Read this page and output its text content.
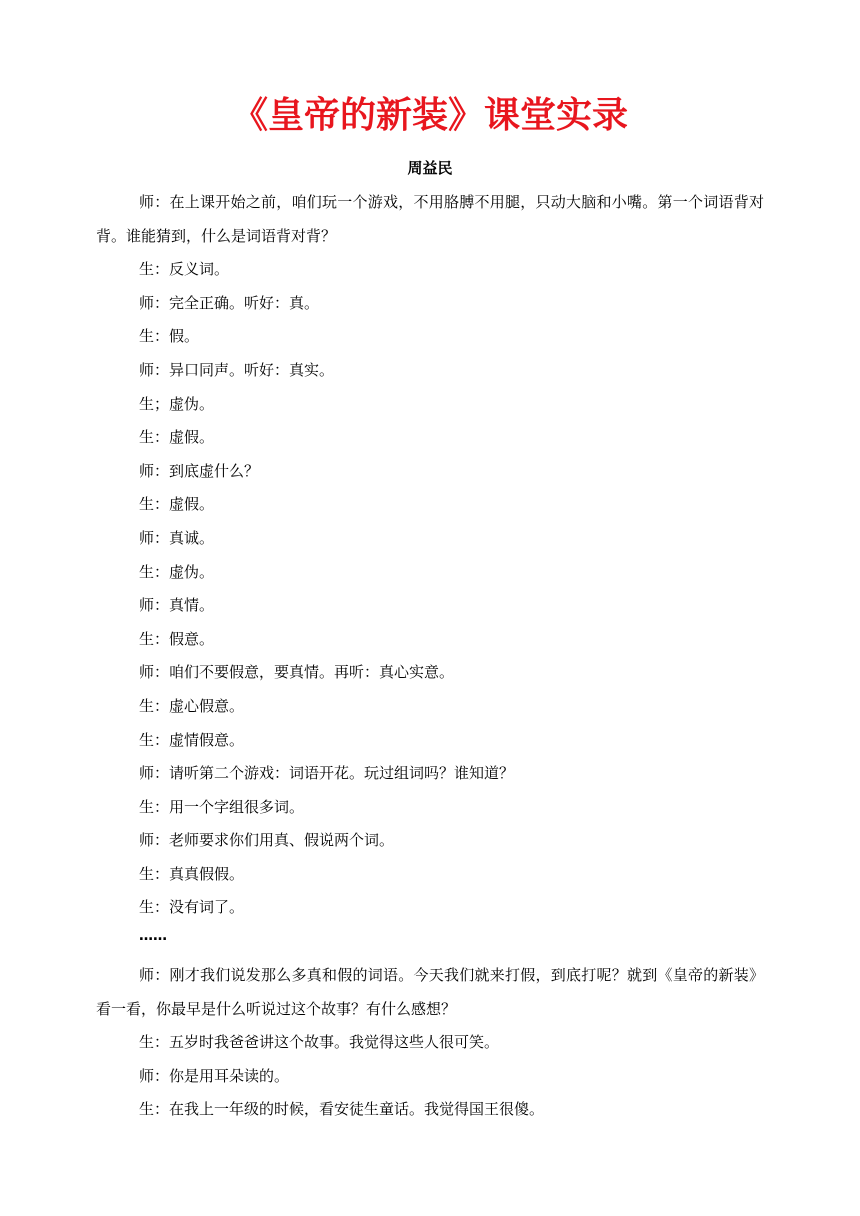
《皇帝的新装》课堂实录
周益民

师：在上课开始之前，咱们玩一个游戏，不用胳膊不用腿，只动大脑和小嘴。第一个词语背对背。谁能猜到，什么是词语背对背？

生：反义词。

师：完全正确。听好：真。

生：假。

师：异口同声。听好：真实。

生；虚伪。

生：虚假。

师：到底虚什么？

生：虚假。

师：真诚。

生：虚伪。

师：真情。

生：假意。

师：咱们不要假意，要真情。再听：真心实意。

生：虚心假意。

生：虚情假意。

师：请听第二个游戏：词语开花。玩过组词吗？谁知道？

生：用一个字组很多词。

师：老师要求你们用真、假说两个词。

生：真真假假。

生：没有词了。

……

师：刚才我们说发那么多真和假的词语。今天我们就来打假，到底打呢？就到《皇帝的新装》看一看，你最早是什么听说过这个故事？有什么感想？

生：五岁时我爸爸讲这个故事。我觉得这些人很可笑。

师：你是用耳朵读的。

生：在我上一年级的时候，看安徒生童话。我觉得国王很傻。
